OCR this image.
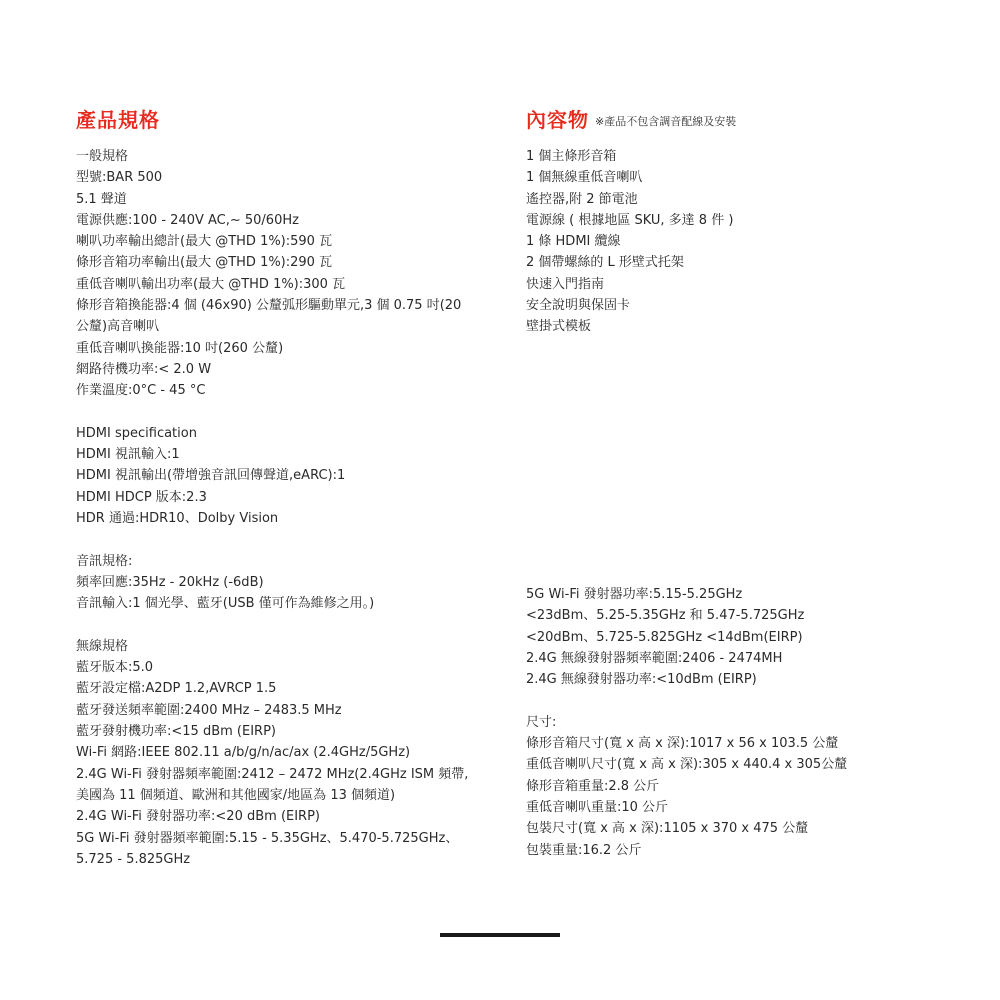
產品規格	內容物 ※產品不包含調音配線及安裝
一般規格
型號:BAR 500
5.1 聲道
電源供應:100 - 240V AC,~ 50/60Hz
喇叭功率輸出總計(最大 @THD 1%):590 瓦
條形音箱功率輸出(最大 @THD 1%):290 瓦
重低音喇叭輸出功率(最大 @THD 1%):300 瓦
條形音箱換能器:4 個 (46x90) 公釐弧形驅動單元,3 個 0.75 吋(20
公釐)高音喇叭
重低音喇叭換能器:10 吋(260 公釐)
網路待機功率:< 2.0 W
作業溫度:0°C - 45 °C
HDMI specification
HDMI 視訊輸入:1
HDMI 視訊輸出(帶增強音訊回傳聲道,eARC):1
HDMI HDCP 版本:2.3
HDR 通過:HDR10、Dolby Vision
音訊規格:
頻率回應:35Hz - 20kHz (-6dB)
音訊輸入:1 個光學、藍牙(USB 僅可作為維修之用。)
無線規格
藍牙版本:5.0
藍牙設定檔:A2DP 1.2,AVRCP 1.5
藍牙發送頻率範圍:2400 MHz – 2483.5 MHz
藍牙發射機功率:<15 dBm (EIRP)
Wi-Fi 網路:IEEE 802.11 a/b/g/n/ac/ax (2.4GHz/5GHz)
2.4G Wi-Fi 發射器頻率範圍:2412 – 2472 MHz(2.4GHz ISM 頻帶,
美國為 11 個頻道、歐洲和其他國家/地區為 13 個頻道)
2.4G Wi-Fi 發射器功率:<20 dBm (EIRP)
5G Wi-Fi 發射器頻率範圍:5.15 - 5.35GHz、5.470-5.725GHz、
5.725 - 5.825GHz
1 個主條形音箱
1 個無線重低音喇叭
遙控器,附 2 節電池
電源線 ( 根據地區 SKU, 多達 8 件 )
1 條 HDMI 纜線
2 個帶螺絲的 L 形壁式托架
快速入門指南
安全說明與保固卡
壁掛式模板
5G Wi-Fi 發射器功率:5.15-5.25GHz
<23dBm、5.25-5.35GHz 和 5.47-5.725GHz
<20dBm、5.725-5.825GHz <14dBm(EIRP)
2.4G 無線發射器頻率範圍:2406 - 2474MH
2.4G 無線發射器功率:<10dBm (EIRP)
尺寸:
條形音箱尺寸(寬 x 高 x 深):1017 x 56 x 103.5 公釐
重低音喇叭尺寸(寬 x 高 x 深):305 x 440.4 x 305公釐
條形音箱重量:2.8 公斤
重低音喇叭重量:10 公斤
包裝尺寸(寬 x 高 x 深):1105 x 370 x 475 公釐
包裝重量:16.2 公斤
